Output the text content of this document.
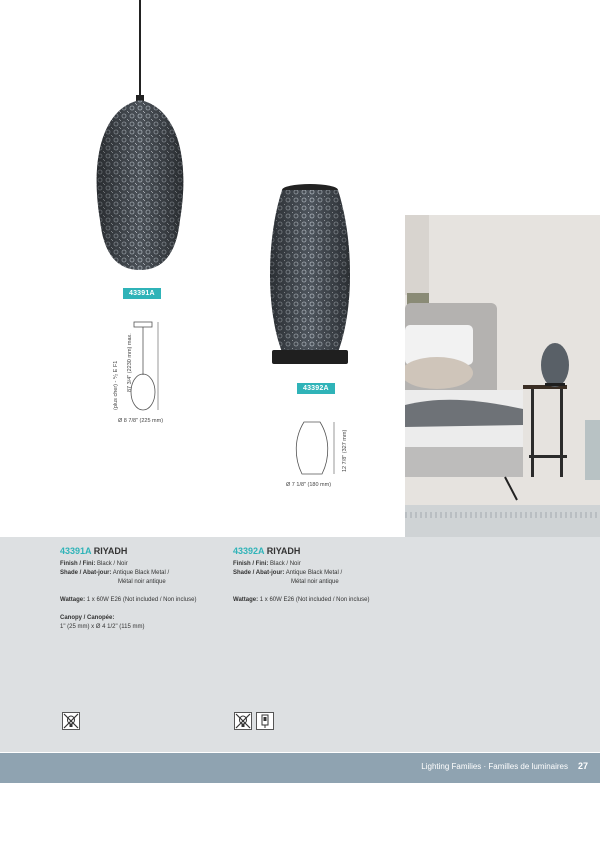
43391A
87 3/4" (2230 mm) max.
(plus cher) - ⅟₂ E F1
Ø 8 7/8" (225 mm)
43392A
12 7/8" (327 mm)
Ø 7 1/8" (180 mm)
43391A RIYADH
Finish / Fini: Black / Noir
Shade / Abat-jour: Antique Black Metal /
Métal noir antique
Wattage: 1 x 60W E26 (Not included / Non incluse)
Canopy / Canopée:
1" (25 mm) x Ø 4 1/2" (115 mm)
43392A RIYADH
Finish / Fini: Black / Noir
Shade / Abat-jour: Antique Black Metal /
Métal noir antique
Wattage: 1 x 60W E26 (Not included / Non incluse)
Lighting Families · Familles de luminaires 27
